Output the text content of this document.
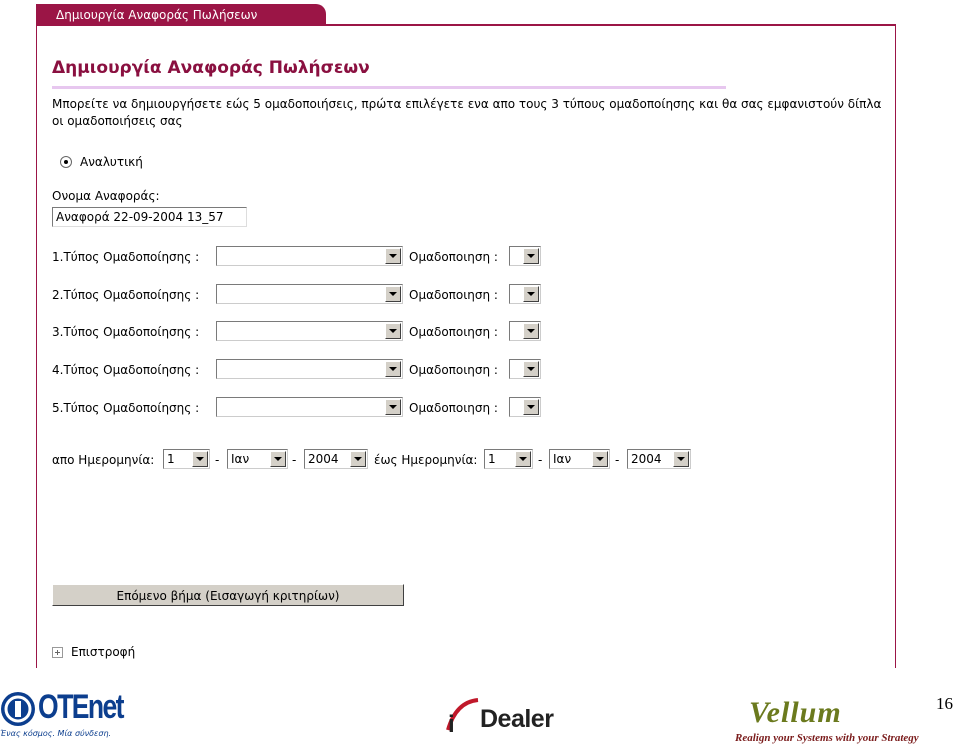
Δημιουργία Αναφοράς Πωλήσεων
Δημιουργία Αναφοράς Πωλήσεων
Μπορείτε να δημιουργήσετε εώς 5 ομαδοποιήσεις, πρώτα επιλέγετε ενα απο τους 3 τύπους ομαδοποίησης και θα σας εμφανιστούν δίπλα οι ομαδοποιήσεις σας
Αναλυτική
Ονομα Αναφοράς:
Αναφορά 22-09-2004 13_57
1.Τύπος Ομαδοποίησης :	Ομαδοποιηση :
2.Τύπος Ομαδοποίησης :	Ομαδοποιηση :
3.Τύπος Ομαδοποίησης :	Ομαδοποιηση :
4.Τύπος Ομαδοποίησης :	Ομαδοποιηση :
5.Τύπος Ομαδοποίησης :	Ομαδοποιηση :
απο Ημερομηνία: 1	- Ιαν	- 2004	έως Ημερομηνία: 1	- Ιαν	- 2004
Επόμενο βήμα (Εισαγωγή κριτηρίων)
Επιστροφή
OTEnet
Ένας κόσμος. Μία σύνδεση.	i Dealer	Vellum
Realign your Systems with your Strategy
16
